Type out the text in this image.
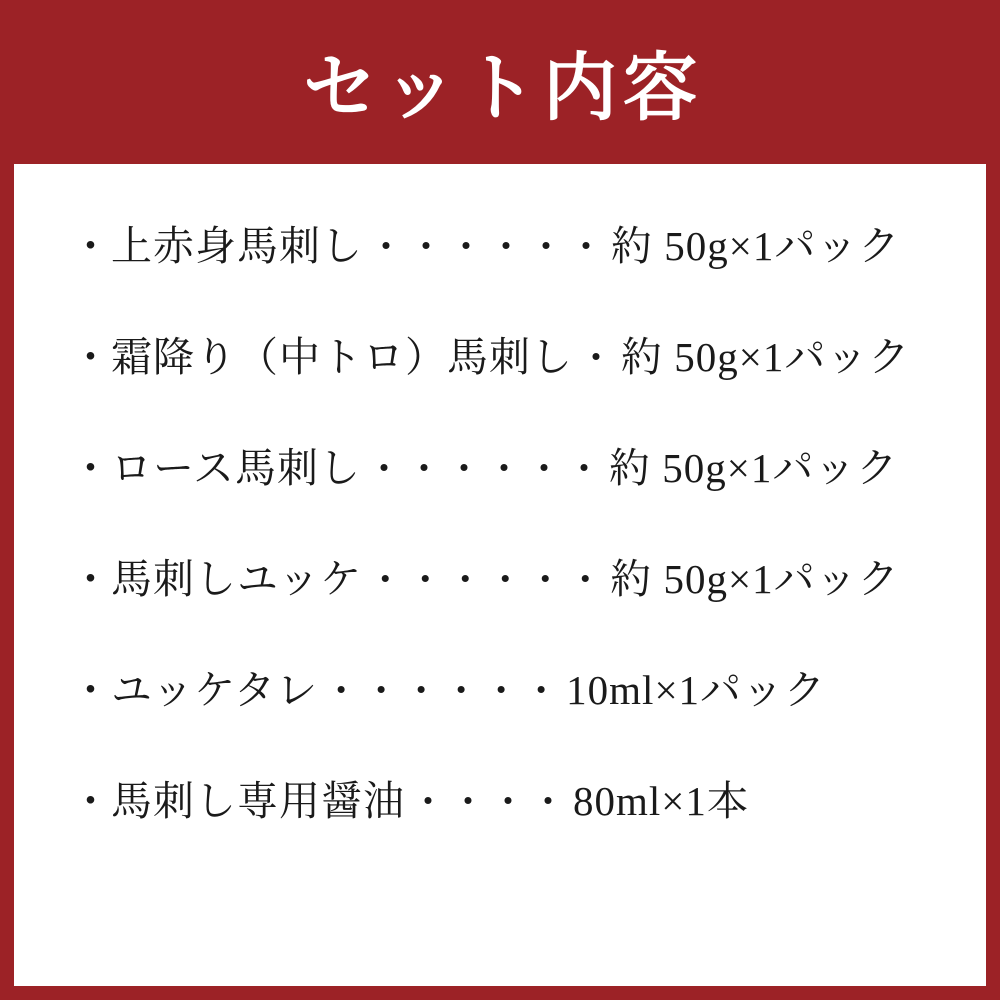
セット内容
・ 上赤身馬刺し ・・・・・・ 約 50g×1パック
・ 霜降り（中トロ）馬刺し ・ 約 50g×1パック
・ ロース馬刺し ・・・・・・ 約 50g×1パック
・ 馬刺しユッケ ・・・・・・ 約 50g×1パック
・ ユッケタレ ・・・・・・ 10ml×1パック
・ 馬刺し専用醤油 ・・・・ 80ml×1本
